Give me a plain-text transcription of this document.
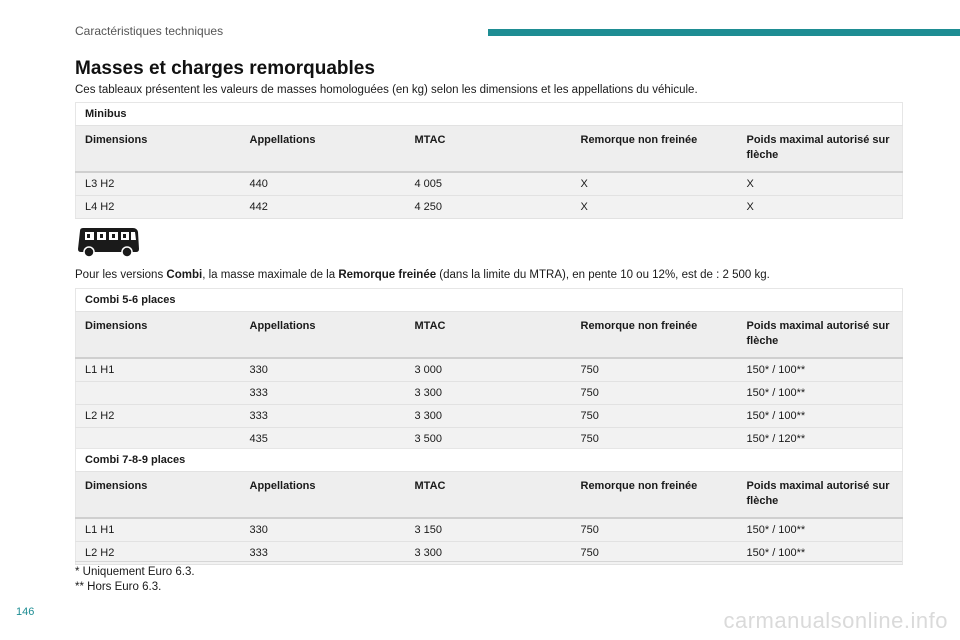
Caractéristiques techniques
Masses et charges remorquables
Ces tableaux présentent les valeurs de masses homologuées (en kg) selon les dimensions et les appellations du véhicule.
Minibus				
Dimensions	Appellations	MTAC	Remorque non freinée	Poids maximal autorisé sur flèche
L3 H2	440	4 005	X	X
L4 H2	442	4 250	X	X
Pour les versions Combi, la masse maximale de la Remorque freinée (dans la limite du MTRA), en pente 10 ou 12%, est de : 2 500 kg.
Combi 5-6 places				
Dimensions	Appellations	MTAC	Remorque non freinée	Poids maximal autorisé sur flèche
L1 H1	330	3 000	750	150* / 100**
	333	3 300	750	150* / 100**
L2 H2	333	3 300	750	150* / 100**
	435	3 500	750	150* / 120**
Combi 7-8-9 places				
Dimensions	Appellations	MTAC	Remorque non freinée	Poids maximal autorisé sur flèche
L1 H1	330	3 150	750	150* / 100**
L2 H2	333	3 300	750	150* / 100**
* Uniquement Euro 6.3.
** Hors Euro 6.3.
146	carmanualsonline.info
